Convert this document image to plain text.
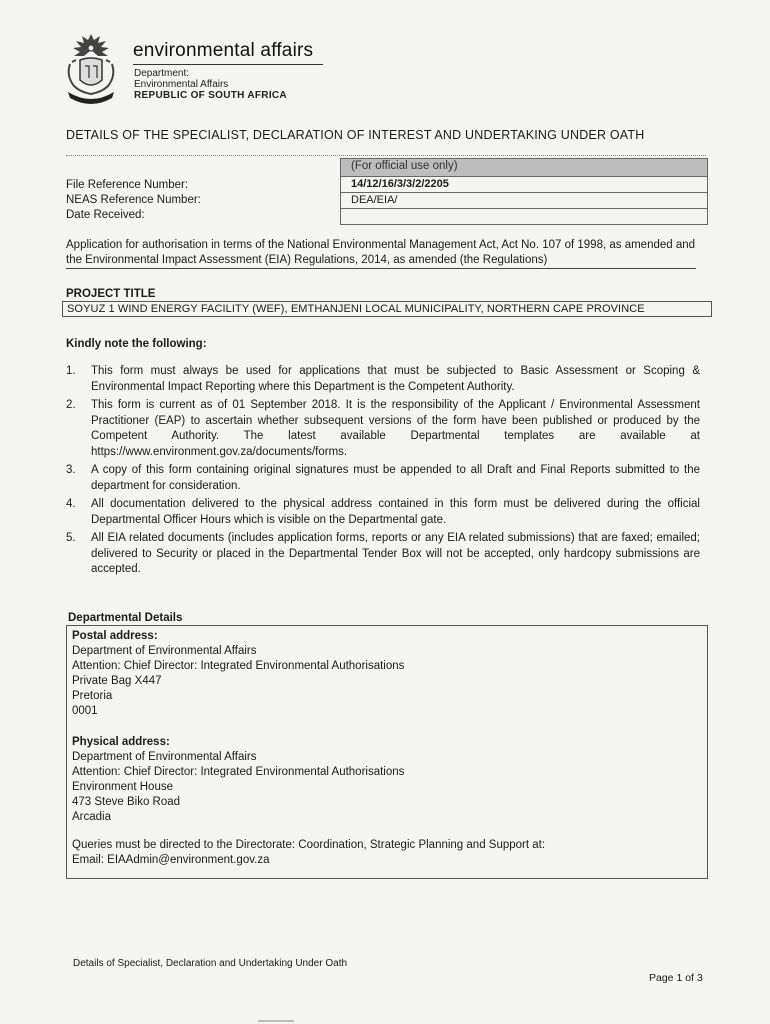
environmental affairs
Department:
Environmental Affairs
REPUBLIC OF SOUTH AFRICA
DETAILS OF THE SPECIALIST, DECLARATION OF INTEREST AND UNDERTAKING UNDER OATH
File Reference Number:
NEAS Reference Number:
Date Received:
(For official use only)
14/12/16/3/3/2/2205
DEA/EIA/
Application for authorisation in terms of the National Environmental Management Act, Act No. 107 of 1998, as amended and the Environmental Impact Assessment (EIA) Regulations, 2014, as amended (the Regulations)
PROJECT TITLE
SOYUZ 1 WIND ENERGY FACILITY (WEF), EMTHANJENI LOCAL MUNICIPALITY, NORTHERN CAPE PROVINCE
Kindly note the following:
1. This form must always be used for applications that must be subjected to Basic Assessment or Scoping & Environmental Impact Reporting where this Department is the Competent Authority.
2. This form is current as of 01 September 2018. It is the responsibility of the Applicant / Environmental Assessment Practitioner (EAP) to ascertain whether subsequent versions of the form have been published or produced by the Competent Authority. The latest available Departmental templates are available at https://www.environment.gov.za/documents/forms.
3. A copy of this form containing original signatures must be appended to all Draft and Final Reports submitted to the department for consideration.
4. All documentation delivered to the physical address contained in this form must be delivered during the official Departmental Officer Hours which is visible on the Departmental gate.
5. All EIA related documents (includes application forms, reports or any EIA related submissions) that are faxed; emailed; delivered to Security or placed in the Departmental Tender Box will not be accepted, only hardcopy submissions are accepted.
Departmental Details
Postal address:
Department of Environmental Affairs
Attention: Chief Director: Integrated Environmental Authorisations
Private Bag X447
Pretoria
0001
Physical address:
Department of Environmental Affairs
Attention: Chief Director: Integrated Environmental Authorisations
Environment House
473 Steve Biko Road
Arcadia
Queries must be directed to the Directorate: Coordination, Strategic Planning and Support at:
Email: EIAAdmin@environment.gov.za
Details of Specialist, Declaration and Undertaking Under Oath
Page 1 of 3
